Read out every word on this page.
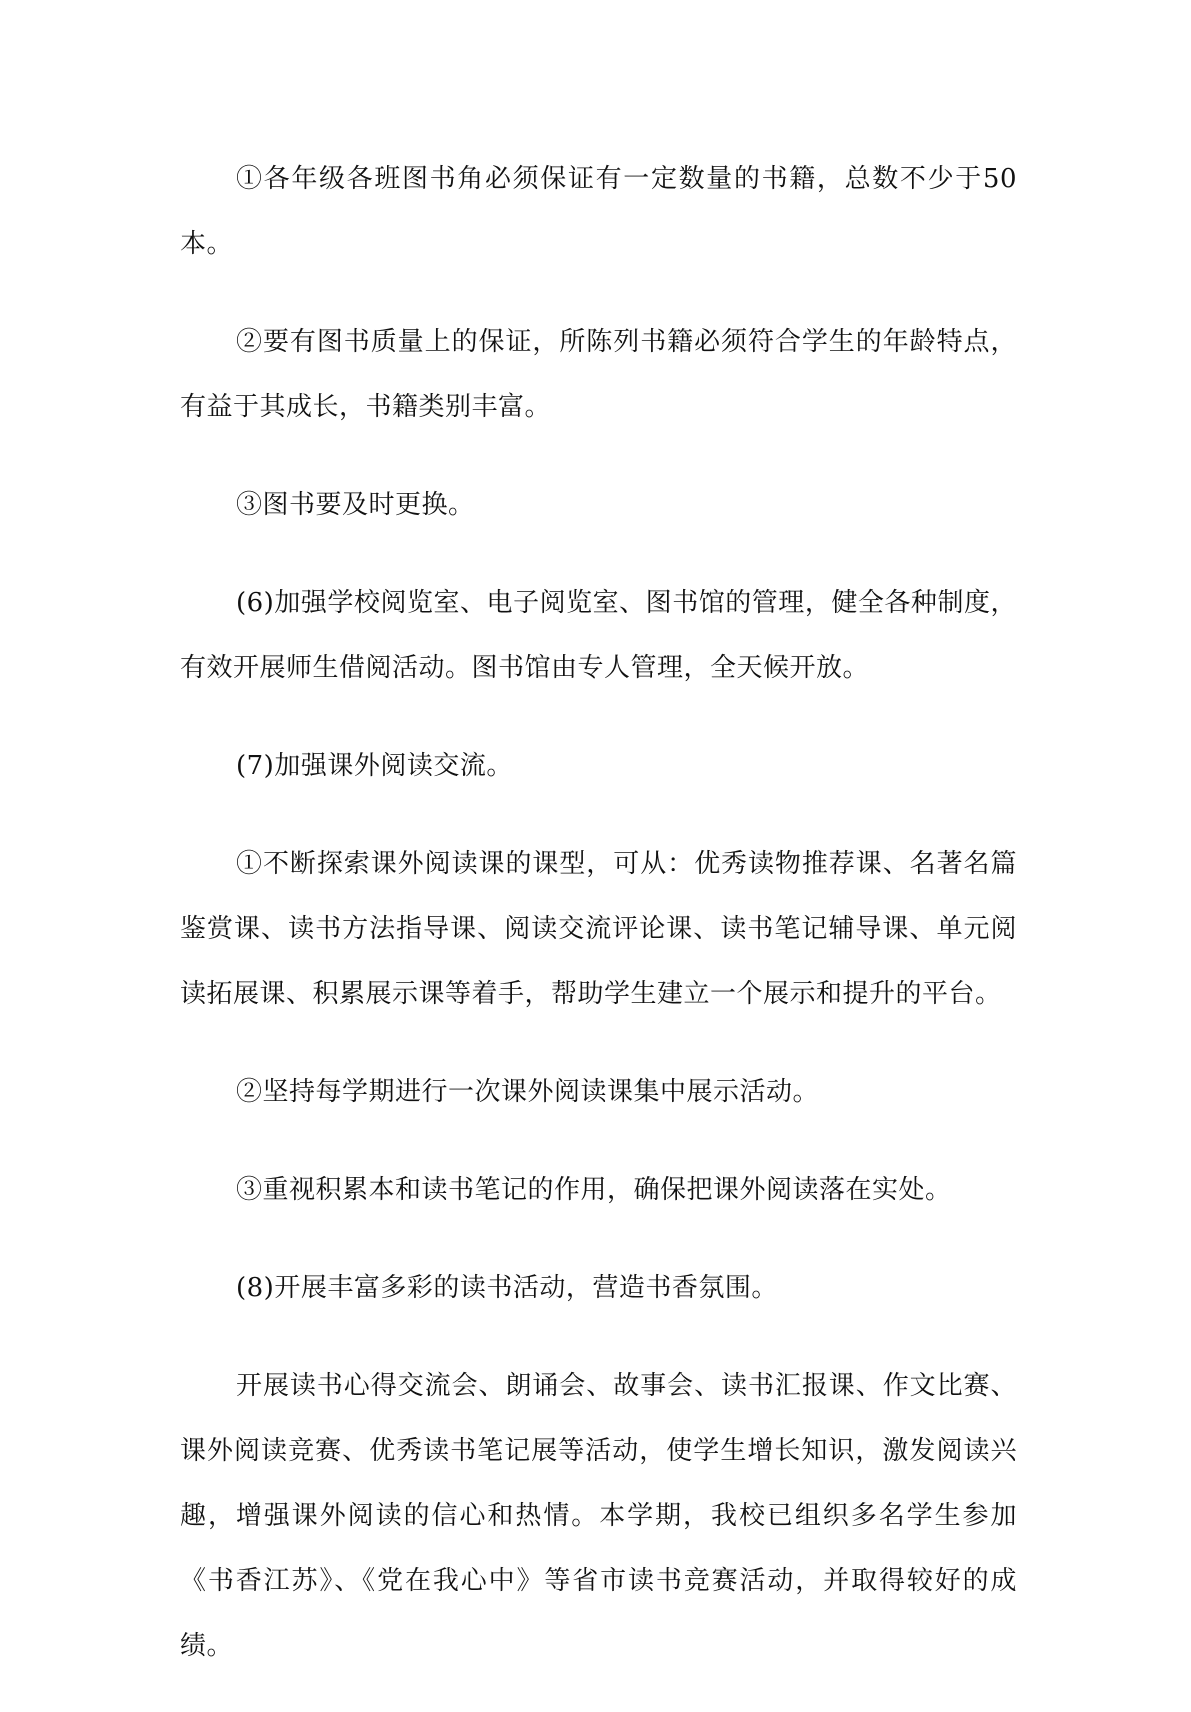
①各年级各班图书角必须保证有一定数量的书籍，总数不少于50本。

②要有图书质量上的保证，所陈列书籍必须符合学生的年龄特点，有益于其成长，书籍类别丰富。

③图书要及时更换。

(6)加强学校阅览室、电子阅览室、图书馆的管理，健全各种制度，有效开展师生借阅活动。图书馆由专人管理，全天候开放。

(7)加强课外阅读交流。

①不断探索课外阅读课的课型，可从：优秀读物推荐课、名著名篇鉴赏课、读书方法指导课、阅读交流评论课、读书笔记辅导课、单元阅读拓展课、积累展示课等着手，帮助学生建立一个展示和提升的平台。

②坚持每学期进行一次课外阅读课集中展示活动。

③重视积累本和读书笔记的作用，确保把课外阅读落在实处。

(8)开展丰富多彩的读书活动，营造书香氛围。

开展读书心得交流会、朗诵会、故事会、读书汇报课、作文比赛、课外阅读竞赛、优秀读书笔记展等活动，使学生增长知识，激发阅读兴趣，增强课外阅读的信心和热情。本学期，我校已组织多名学生参加《书香江苏》、《党在我心中》等省市读书竞赛活动，并取得较好的成绩。
